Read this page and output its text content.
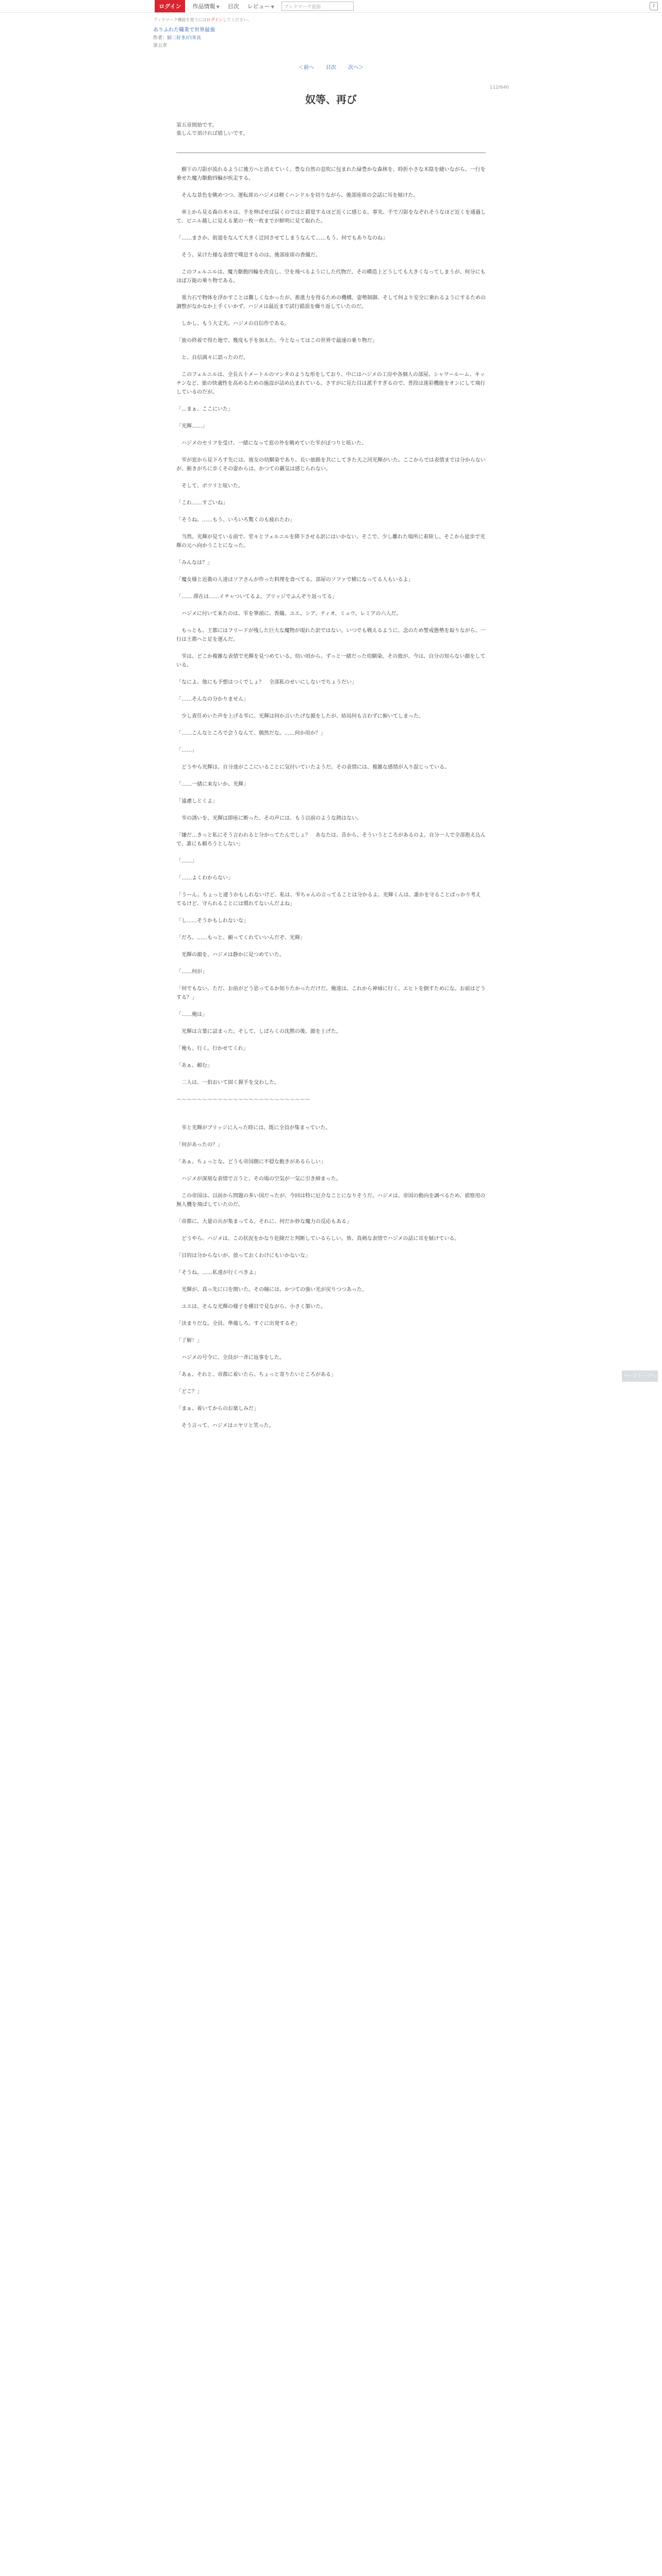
ログイン	作品情報 ▼ 目次 レビュー ▼	ブックマーク追加	⇪
ブックマーク機能を使うにはログインしてください。
ありふれた職業で世界最強
作者：厨二好き/白米良
第五章
＜前へ 目次 次へ＞
112/640
奴等、再び
第五章開始です。
楽しんで頂ければ嬉しいです。

　樹下の刀影が流れるように後方へと消えていく。豊な自然の息吹に包まれた緑豊かな森林を、時折小さな木陰を縫いながら、一行を乗せた魔力駆動四輪が疾走する。

　そんな景色を眺めつつ、運転席のハジメは軽くハンドルを切りながら、後部座席の会話に耳を傾けた。

　車上から見る森の木々は、手を伸ばせば届くのではと錯覚するほど近くに感じる。事実、手で刀影をなぞれそうなほど近くを通過して、ビニル越しに見える葉の一枚一枚までが鮮明に見て取れた。

「……まさか、街道をなんて大きく迂回させてしまうなんて……もう、何でもありなのね」

　そう、呆けた様な表情で嘆息するのは、後部座席の香織だ。

　このフェルニルは、魔力駆動四輪を改良し、空を飛べるようにした代物だ。その構造上どうしても大きくなってしまうが、何分にもほぼ万能の乗り物である。

　重力石で物体を浮かすことは難しくなかったが、推進力を得るための機構、姿勢制御、そして何より安全に乗れるようにするための調整がなかなか上手くいかず、ハジメは最近まで試行錯誤を繰り返していたのだ。

　しかし、もう大丈夫。ハジメの自信作である。

「旅の終着で得た地で、幾度も手を加えた、今となってはこの世界で最速の乗り物だ」

　と、自信満々に語ったのだ。

　このフェルニルは、全長五十メートルのマンタのような形をしており、中にはハジメの工房や各個人の部屋、シャワールーム、キッチンなど、旅の快適性を高めるための施設が詰め込まれている。さすがに見た目は派手すぎるので、普段は迷彩機能をオンにして飛行しているのだが。

「…まぁ、ここにいた」

「光輝……」

　ハジメのセリフを受け、一緒になって窓の外を眺めていた雫がぽつりと呟いた。

　雫が窓から見下ろす先には、彼女の幼馴染であり、長い旅路を共にしてきた天之河光輝がいた。ここからでは表情までは分からないが、俯きがちに歩くその姿からは、かつての覇気は感じられない。

　そして、ポツリと呟いた。

「これ……すごいね」

「そうね。……もう、いろいろ驚くのも疲れたわ」

　当然、光輝が見ている前で、堂々とフェルニルを降下させる訳にはいかない。そこで、少し離れた場所に着陸し、そこから徒歩で光輝の元へ向かうことになった。

「みんなは？」

「魔女様と近衛の人達はソアさんが作った料理を食べてる。部屋のソファで横になってる人もいるよ」

「…… 滞在は……イチャついてるよ。ブリッジでふんぞり返ってる」

　ハジメに付いて来たのは、雫を筆頭に、香織、ユエ、シア、ティオ、ミュウ、レミアの六人だ。

　もっとも、王都にはフリードが残した巨大な魔物が現れた訳ではない。いつでも戦えるように、念のため警戒態勢を取りながら、一行は王都へと足を運んだ。

　雫は、どこか複雑な表情で光輝を見つめている。幼い頃から、ずっと一緒だった幼馴染。その彼が、今は、自分の知らない顔をしている。

「なによ、他にも予想はつくでしょ？　全部私のせいにしないでちょうだい」

「……そんなの分かりません」

　少し責任めいた声を上げる雫に、光輝は何か言いたげな顔をしたが、結局何も言わずに俯いてしまった。

「……こんなところで会うなんて、偶然だな。……何か用か？」

「……」

　どうやら光輝は、自分達がここにいることに気付いていたようだ。その表情には、複雑な感情が入り混じっている。

「……一緒に来ないか、光輝」

「遠慮しとくよ」

　雫の誘いを、光輝は即座に断った。その声には、もう以前のような熱はない。

「嫌だ…きっと私にそう言われると分かってたんでしょ？　あなたは、昔から、そういうところがあるのよ。自分一人で全部抱え込んで、誰にも頼ろうとしない」

「……」

「……よくわからない」

「うーん。ちょっと違うかもしれないけど、私は、雫ちゃんの言ってることは分かるよ。光輝くんは、誰かを守ることばっかり考えてるけど、守られることには慣れてないんだよね」

「し……そうかもしれないな」

「だろ。……もっと、頼ってくれていいんだぞ、光輝」

　光輝の顔を、ハジメは静かに見つめていた。

「……何が」

「何でもない。ただ、お前がどう思ってるか知りたかっただけだ。俺達は、これから神域に行く。エヒトを倒すためにな。お前はどうする？」

「……俺は」

　光輝は言葉に詰まった。そして、しばらくの沈黙の後、顔を上げた。

「俺も、行く。行かせてくれ」

「あぁ、頼む」

　二人は、一拍おいて固く握手を交わした。

〜〜〜〜〜〜〜〜〜〜〜〜〜〜〜〜〜〜〜〜〜〜〜〜〜〜

　雫と光輝がブリッジに入った時には、既に全員が集まっていた。

「何があったの？」

「あぁ、ちょっとな。どうも帝国側に不穏な動きがあるらしい」

　ハジメが深刻な表情で言うと、その場の空気が一気に引き締まった。

　この帝国は、以前から問題の多い国だったが、今回は特に厄介なことになりそうだ。ハジメは、帝国の動向を調べるため、偵察用の無人機を飛ばしていたのだ。

「帝都に、大量の兵が集まってる。それに、何だか妙な魔力の反応もある」

　どうやら、ハジメは、この状況をかなり危険だと判断しているらしい。皆、真剣な表情でハジメの話に耳を傾けている。

「目的は分からないが、放っておくわけにもいかないな」

「そうね。……私達が行くべきよ」

　光輝が、真っ先に口を開いた。その瞳には、かつての強い光が戻りつつあった。

　ユエは、そんな光輝の様子を横目で見ながら、小さく頷いた。

「決まりだな。全員、準備しろ。すぐに出発するぞ」

「了解！」

　ハジメの号令に、全員が一斉に返事をした。

「あぁ、それと、帝都に着いたら、ちょっと寄りたいところがある」

「どこ？」

「まぁ、着いてからのお楽しみだ」

　そう言って、ハジメはニヤリと笑った。

ページトップへ
